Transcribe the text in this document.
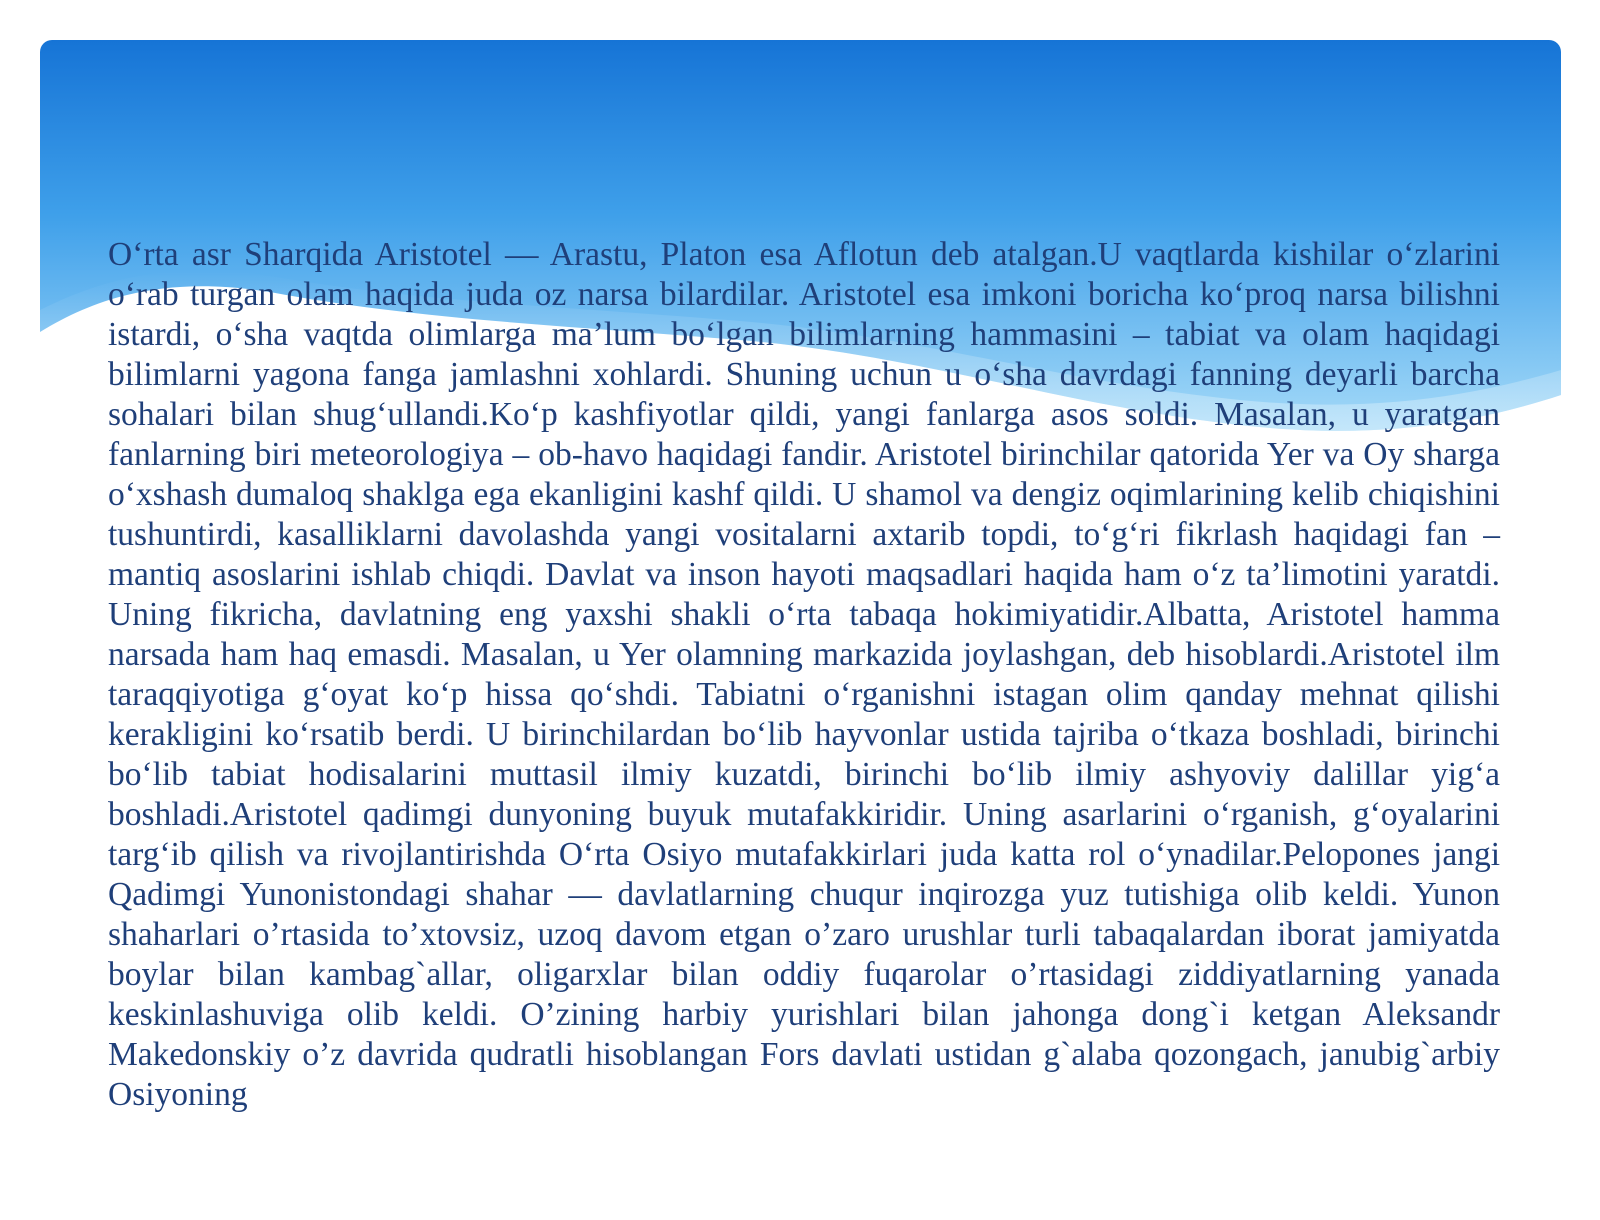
O‘rta asr Sharqida Aristotel — Arastu, Platon esa Aflotun deb atalgan.U vaqtlarda kishilar o‘zlarini o‘rab turgan olam haqida juda oz narsa bilardilar. Aristotel esa imkoni boricha ko‘proq narsa bilishni istardi, o‘sha vaqtda olimlarga ma’lum bo‘lgan bilimlarning hammasini – tabiat va olam haqidagi bilimlarni yagona fanga jamlashni xohlardi. Shuning uchun u o‘sha davrdagi fanning deyarli barcha sohalari bilan shug‘ullandi.Ko‘p kashfiyotlar qildi, yangi fanlarga asos soldi. Masalan, u yaratgan fanlarning biri meteorologiya – ob-havo haqidagi fandir. Aristotel birinchilar qatorida Yer va Oy sharga o‘xshash dumaloq shaklga ega ekanligini kashf qildi. U shamol va dengiz oqimlarining kelib chiqishini tushuntirdi, kasalliklarni davolashda yangi vositalarni axtarib topdi, to‘g‘ri fikrlash haqidagi fan – mantiq asoslarini ishlab chiqdi. Davlat va inson hayoti maqsadlari haqida ham o‘z ta’limotini yaratdi. Uning fikricha, davlatning eng yaxshi shakli o‘rta tabaqa hokimiyatidir.Albatta, Aristotel hamma narsada ham haq emasdi. Masalan, u Yer olamning markazida joylashgan, deb hisoblardi.Aristotel ilm taraqqiyotiga g‘oyat ko‘p hissa qo‘shdi. Tabiatni o‘rganishni istagan olim qanday mehnat qilishi kerakligini ko‘rsatib berdi. U birinchilardan bo‘lib hayvonlar ustida tajriba o‘tkaza boshladi, birinchi bo‘lib tabiat hodisalarini muttasil ilmiy kuzatdi, birinchi bo‘lib ilmiy ashyoviy dalillar yig‘a boshladi.Aristotel qadimgi dunyoning buyuk mutafakkiridir. Uning asarlarini o‘rganish, g‘oyalarini targ‘ib qilish va rivojlantirishda O‘rta Osiyo mutafakkirlari juda katta rol o‘ynadilar.Pelopones jangi Qadimgi Yunonistondagi shahar — davlatlarning chuqur inqirozga yuz tutishiga olib keldi. Yunon shaharlari o’rtasida to’xtovsiz, uzoq davom etgan o’zaro urushlar turli tabaqalardan iborat jamiyatda boylar bilan kambag`allar, oligarxlar bilan oddiy fuqarolar o’rtasidagi ziddiyatlarning yanada keskinlashuviga olib keldi. O’zining harbiy yurishlari bilan jahonga dong`i ketgan Aleksandr Makedonskiy o’z davrida qudratli hisoblangan Fors davlati ustidan g`alaba qozongach, janubig`arbiy Osiyoning
